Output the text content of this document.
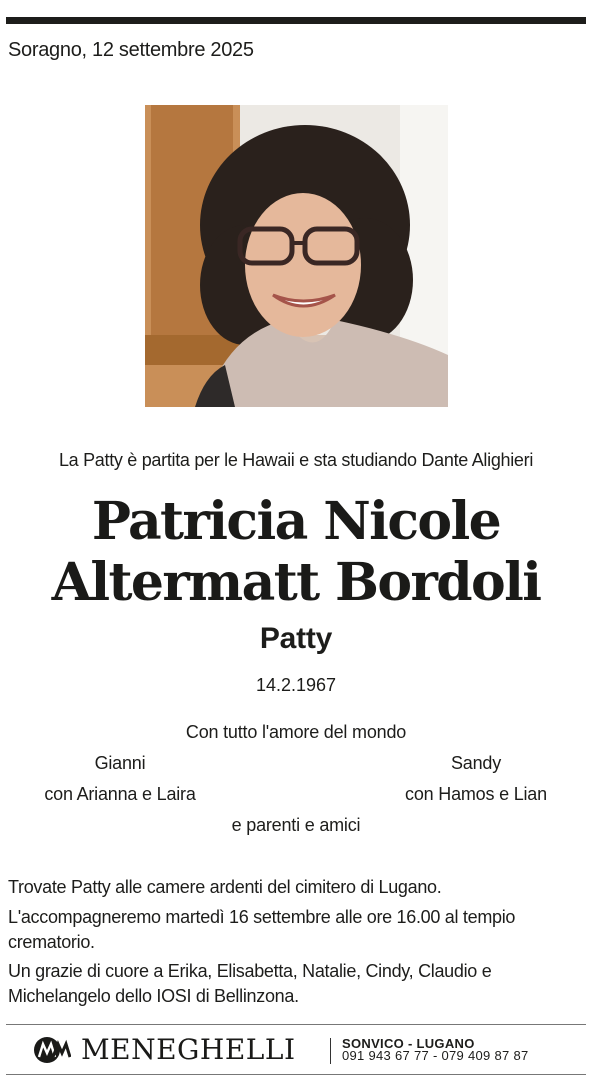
Soragno, 12 settembre 2025
La Patty è partita per le Hawaii e sta studiando Dante Alighieri
Patricia Nicole
Altermatt Bordoli
Patty
14.2.1967
Con tutto l'amore del mondo
Gianni	Sandy
con Arianna e Laira	con Hamos e Lian
e parenti e amici
Trovate Patty alle camere ardenti del cimitero di Lugano.
L'accompagneremo martedì 16 settembre alle ore 16.00 al tempio crematorio.
Un grazie di cuore a Erika, Elisabetta, Natalie, Cindy, Claudio e Michelangelo dello IOSI di Bellinzona.
MENEGHELLI	SONVICO - LUGANO
091 943 67 77 - 079 409 87 87
